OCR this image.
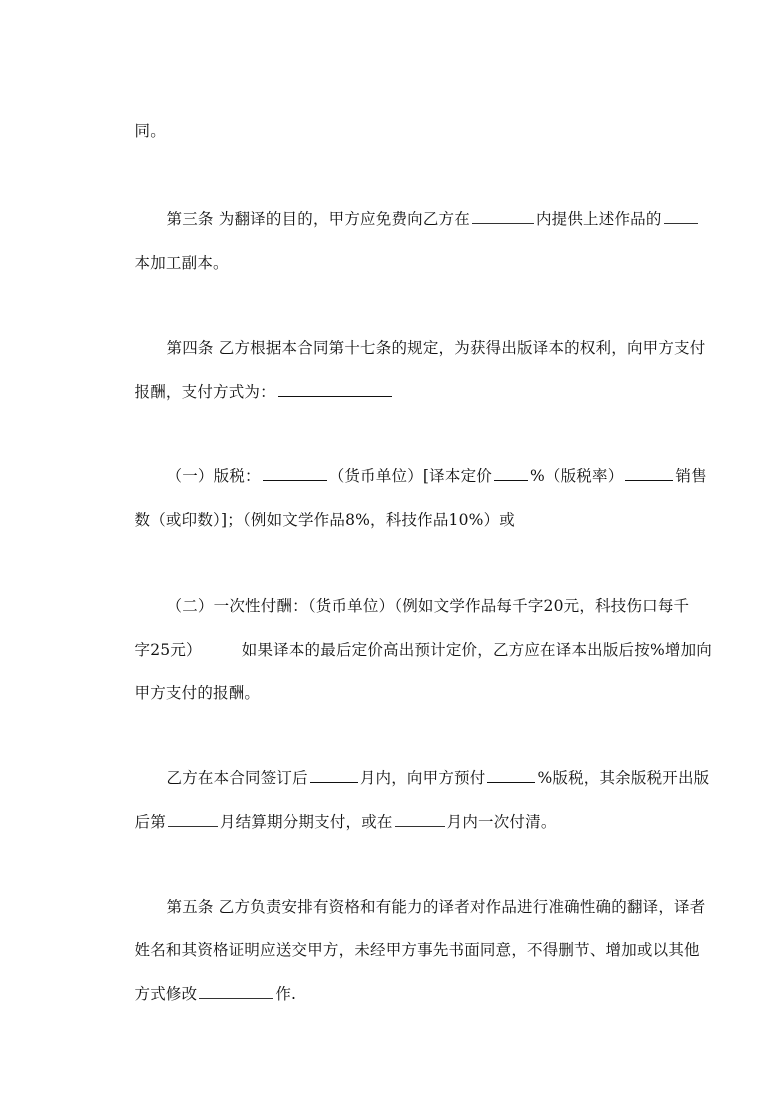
同。

第三条 为翻译的目的，甲方应免费向乙方在	内提供上述作品的

本加工副本。

第四条 乙方根据本合同第十七条的规定，为获得出版译本的权利，向甲方支付

报酬，支付方式为：

（一）版税：	（货币单位）[译本定价 %（版税率）	销售

数（或印数）]；（例如文学作品8%，科技作品10%）或

（二）一次性付酬：（货币单位）（例如文学作品每千字20元，科技伤口每千

字25元）	如果译本的最后定价高出预计定价，乙方应在译本出版后按%增加向

甲方支付的报酬。

乙方在本合同签订后	月内，向甲方预付	%版税，其余版税开出版

后第	月结算期分期支付，或在	月内一次付清。

第五条 乙方负责安排有资格和有能力的译者对作品进行准确性确的翻译，译者

姓名和其资格证明应送交甲方，未经甲方事先书面同意，不得删节、增加或以其他

方式修改	作.
